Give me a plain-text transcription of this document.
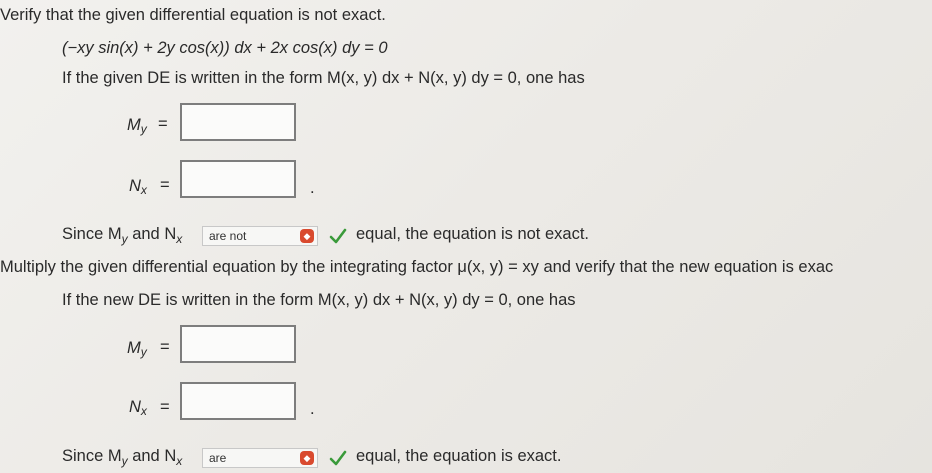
Verify that the given differential equation is not exact.
(−xy sin(x) + 2y cos(x)) dx + 2x cos(x) dy = 0
If the given DE is written in the form M(x, y) dx + N(x, y) dy = 0, one has
$M_y$ =
$N_x$ =	.
Since $M_y$ and $N_x$	are not	◆	equal, the equation is not exact.
Multiply the given differential equation by the integrating factor μ(x, y) = xy and verify that the new equation is exac
If the new DE is written in the form M(x, y) dx + N(x, y) dy = 0, one has
$M_y$ =
$N_x$ =	.
Since $M_y$ and $N_x$	are	◆	equal, the equation is exact.
